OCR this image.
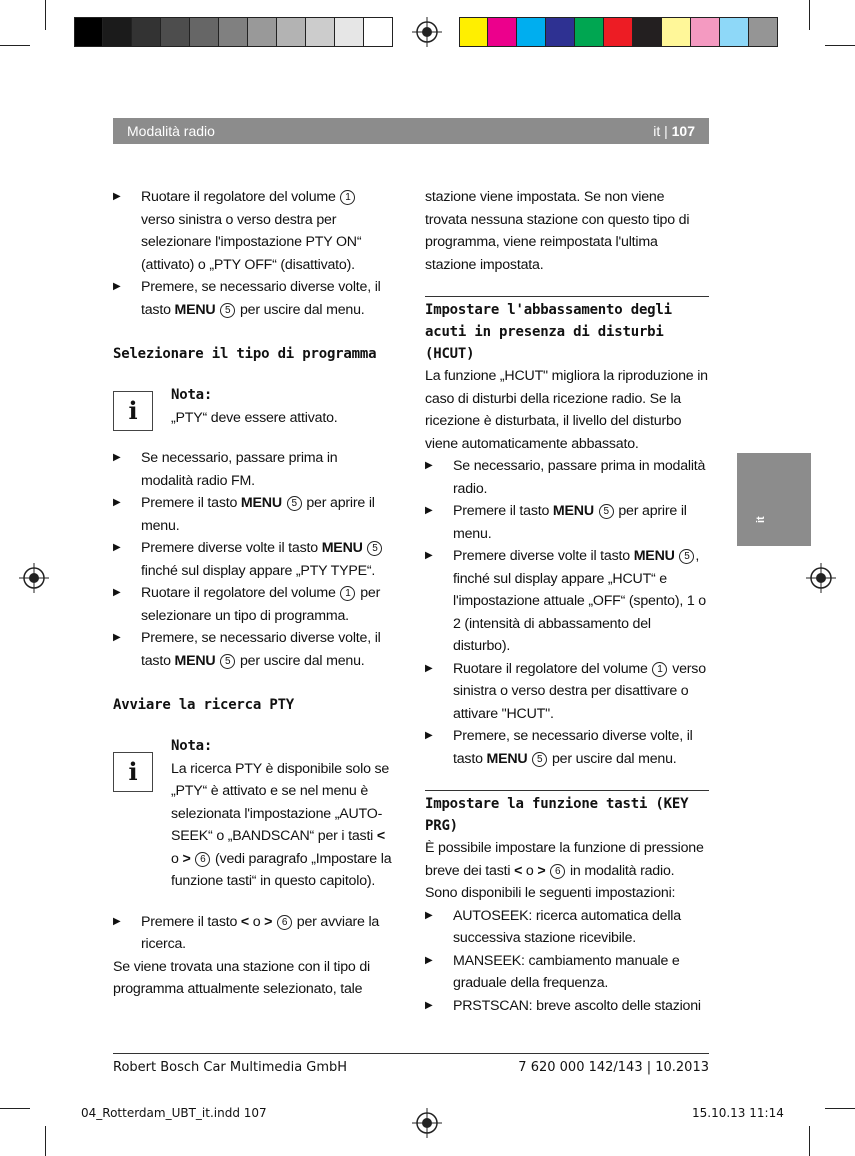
Modalità radio	it | 107
it
▶ Ruotare il regolatore del volume 1 verso sinistra o verso destra per selezionare l'impostazione PTY ON“ (attivato) o „PTY OFF“ (disattivato).
▶ Premere, se necessario diverse volte, il tasto MENU 5 per uscire dal menu.

Selezionare il tipo di programma

i
Nota:
„PTY“ deve essere attivato.
▶ Se necessario, passare prima in modalità radio FM.
▶ Premere il tasto MENU 5 per aprire il menu.
▶ Premere diverse volte il tasto MENU 5 finché sul display appare „PTY TYPE“.
▶ Ruotare il regolatore del volume 1 per selezionare un tipo di programma.
▶ Premere, se necessario diverse volte, il tasto MENU 5 per uscire dal menu.

Avviare la ricerca PTY

i
Nota:
La ricerca PTY è disponibile solo se „PTY“ è attivato e se nel menu è selezionata l'impostazione „AUTO-SEEK“ o „BANDSCAN“ per i tasti < o > 6 (vedi paragrafo „Impostare la funzione tasti“ in questo capitolo).
▶ Premere il tasto < o > 6 per avviare la ricerca.

Se viene trovata una stazione con il tipo di programma attualmente selezionato, tale

stazione viene impostata. Se non viene trovata nessuna stazione con questo tipo di programma, viene reimpostata l'ultima stazione impostata.

Impostare l'abbassamento degli acuti in presenza di disturbi (HCUT)

La funzione „HCUT" migliora la riproduzione in caso di disturbi della ricezione radio. Se la ricezione è disturbata, il livello del disturbo viene automaticamente abbassato.

▶ Se necessario, passare prima in modalità radio.
▶ Premere il tasto MENU 5 per aprire il menu.
▶ Premere diverse volte il tasto MENU 5 , finché sul display appare „HCUT“ e l'impostazione attuale „OFF“ (spento), 1 o 2 (intensità di abbassamento del disturbo).
▶ Ruotare il regolatore del volume 1 verso sinistra o verso destra per disattivare o attivare "HCUT".
▶ Premere, se necessario diverse volte, il tasto MENU 5 per uscire dal menu.

Impostare la funzione tasti (KEY PRG)

È possibile impostare la funzione di pressione breve dei tasti < o > 6 in modalità radio. Sono disponibili le seguenti impostazioni:

▶ AUTOSEEK: ricerca automatica della successiva stazione ricevibile.
▶ MANSEEK: cambiamento manuale e graduale della frequenza.
▶ PRSTSCAN: breve ascolto delle stazioni
Robert Bosch Car Multimedia GmbH	7 620 000 142/143 | 10.2013
04_Rotterdam_UBT_it.indd 107	15.10.13 11:14
